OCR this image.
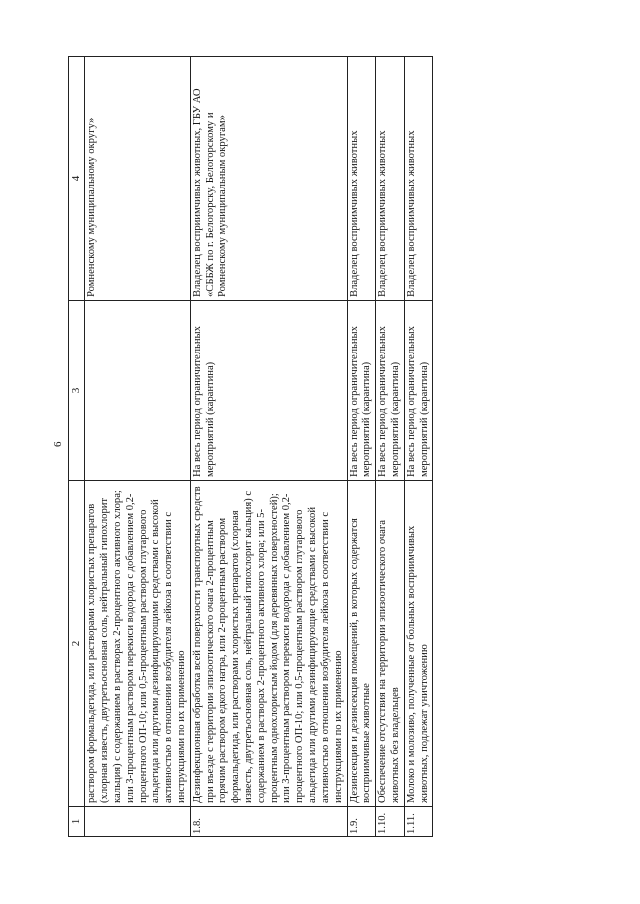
6
1	2	3	4
	раствором формальдегида, или растворами хлористых препаратов (хлорная известь, двутретьосновная соль, нейтральный гипохлорит кальция) с содержанием в растворах 2-процентного активного хлора; или 3-процентным раствором перекиси водорода с добавлением 0,2-процентного ОП-10; или 0,5-процентным раствором глутарового альдегида или другими дезинфицирующими средствами с высокой активностью в отношении возбудителя лейкоза в соответствии с инструкциями по их применению		Ромненскому муниципальному округу»
1.8.	Дезинфекционная обработка всей поверхности транспортных средств при въезде с территории эпизоотического очага 2-процентным горячим раствором едкого натра, или 2-процентным раствором формальдегида, или растворами хлористых препаратов (хлорная известь, двутретьосновная соль, нейтральный гипохлорит кальция) с содержанием в растворах 2-процентного активного хлора; или 5-процентным однохлористым йодом (для деревянных поверхностей); или 3-процентным раствором перекиси водорода с добавлением 0,2-процентного ОП-10; или 0,5-процентным раствором глутарового альдегида или другими дезинфицирующие средствами с высокой активностью в отношении возбудителя лейкоза в соответствии с инструкциями по их применению	На весь период ограничительных мероприятий (карантина)	Владелец восприимчивых животных, ГБУ АО «СББЖ по г. Белогорску, Белогорскому и Ромненскому муниципальным округам»
1.9.	Дезинсекция и дезинсекция помещений, в которых содержатся восприимчивые животные	На весь период ограничительных мероприятий (карантина)	Владелец восприимчивых животных
1.10.	Обеспечение отсутствия на территории эпизоотического очага животных без владельцев	На весь период ограничительных мероприятий (карантина)	Владелец восприимчивых животных
1.11.	Молоко и молозиво, полученные от больных восприимчивых животных, подлежат уничтожению	На весь период ограничительных мероприятий (карантина)	Владелец восприимчивых животных
